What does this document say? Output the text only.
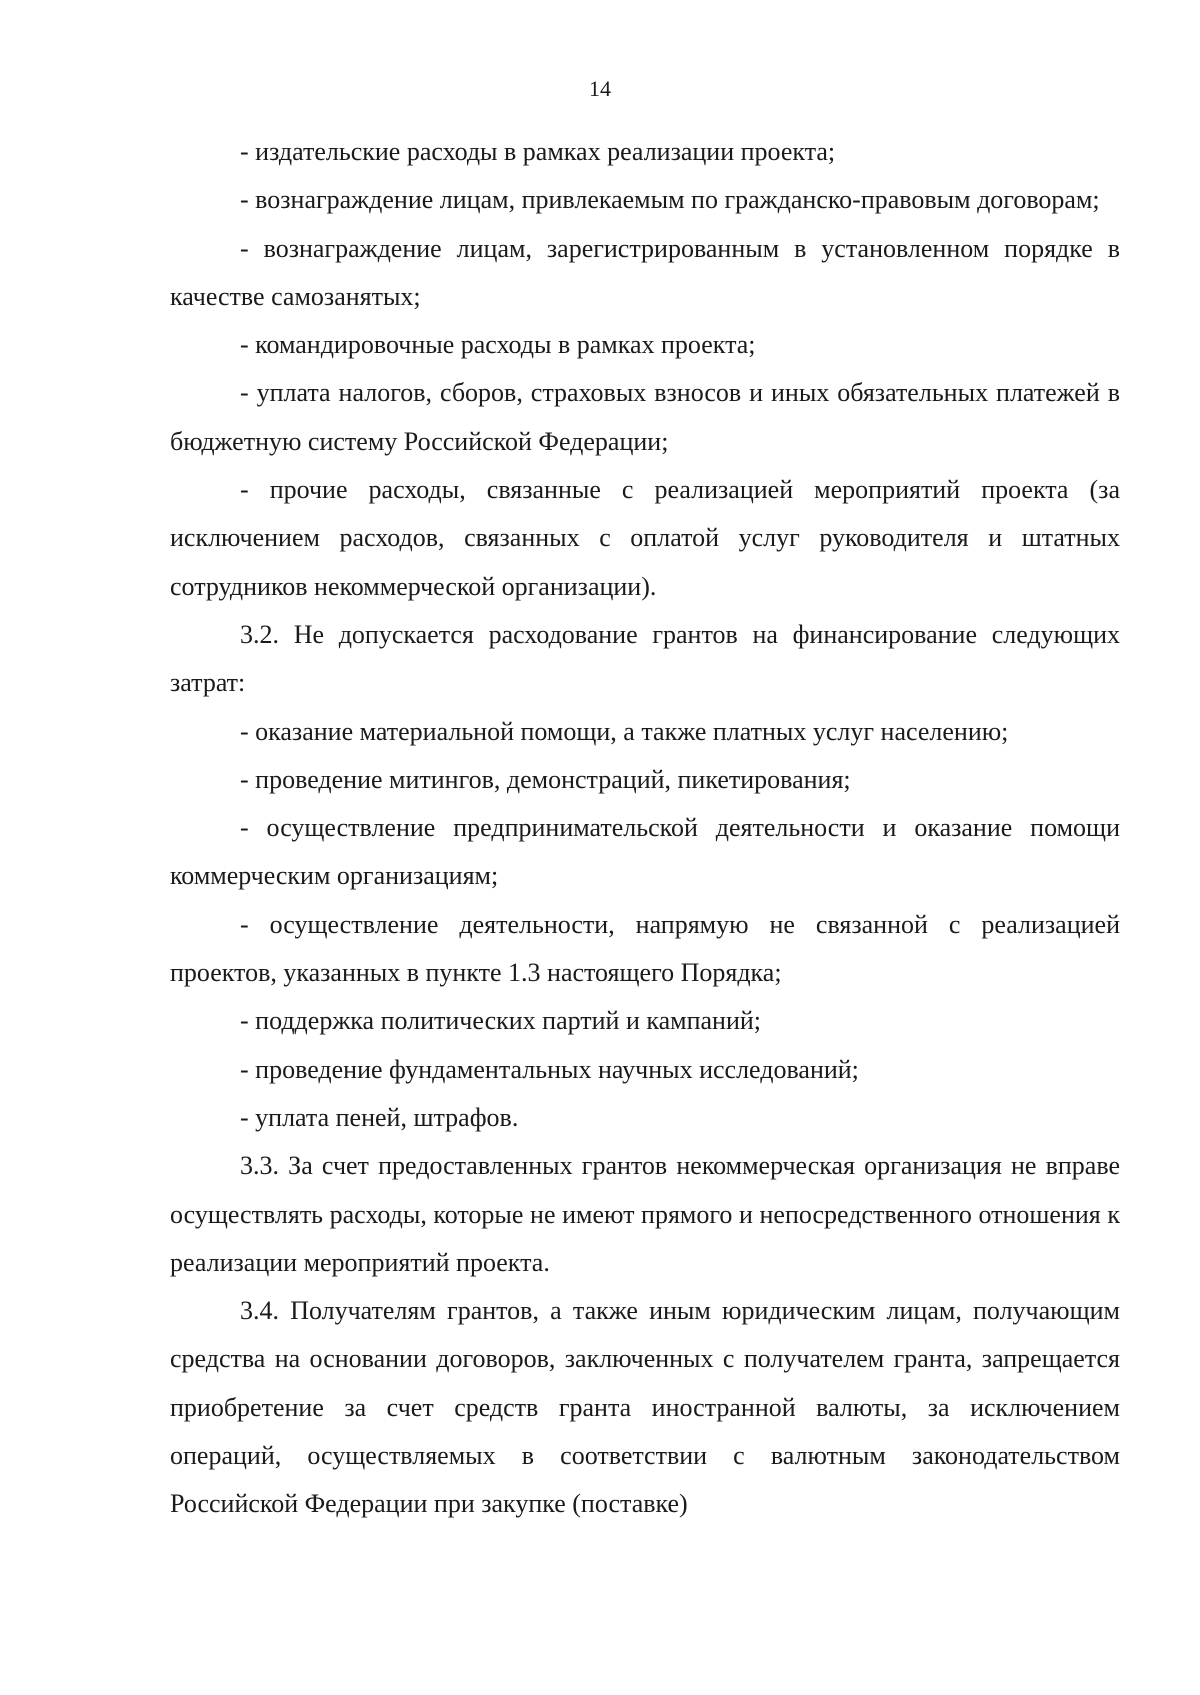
14

- издательские расходы в рамках реализации проекта;

- вознаграждение лицам, привлекаемым по гражданско-правовым договорам;

- вознаграждение лицам, зарегистрированным в установленном порядке в качестве самозанятых;

- командировочные расходы в рамках проекта;

- уплата налогов, сборов, страховых взносов и иных обязательных платежей в бюджетную систему Российской Федерации;

- прочие расходы, связанные с реализацией мероприятий проекта (за исключением расходов, связанных с оплатой услуг руководителя и штатных сотрудников некоммерческой организации).

3.2. Не допускается расходование грантов на финансирование следующих затрат:

- оказание материальной помощи, а также платных услуг населению;

- проведение митингов, демонстраций, пикетирования;

- осуществление предпринимательской деятельности и оказание помощи коммерческим организациям;

- осуществление деятельности, напрямую не связанной с реализацией проектов, указанных в пункте 1.3 настоящего Порядка;

- поддержка политических партий и кампаний;

- проведение фундаментальных научных исследований;

- уплата пеней, штрафов.

3.3. За счет предоставленных грантов некоммерческая организация не вправе осуществлять расходы, которые не имеют прямого и непосредственного отношения к реализации мероприятий проекта.

3.4. Получателям грантов, а также иным юридическим лицам, получающим средства на основании договоров, заключенных с получателем гранта, запрещается приобретение за счет средств гранта иностранной валюты, за исключением операций, осуществляемых в соответствии с валютным законодательством Российской Федерации при закупке (поставке)
